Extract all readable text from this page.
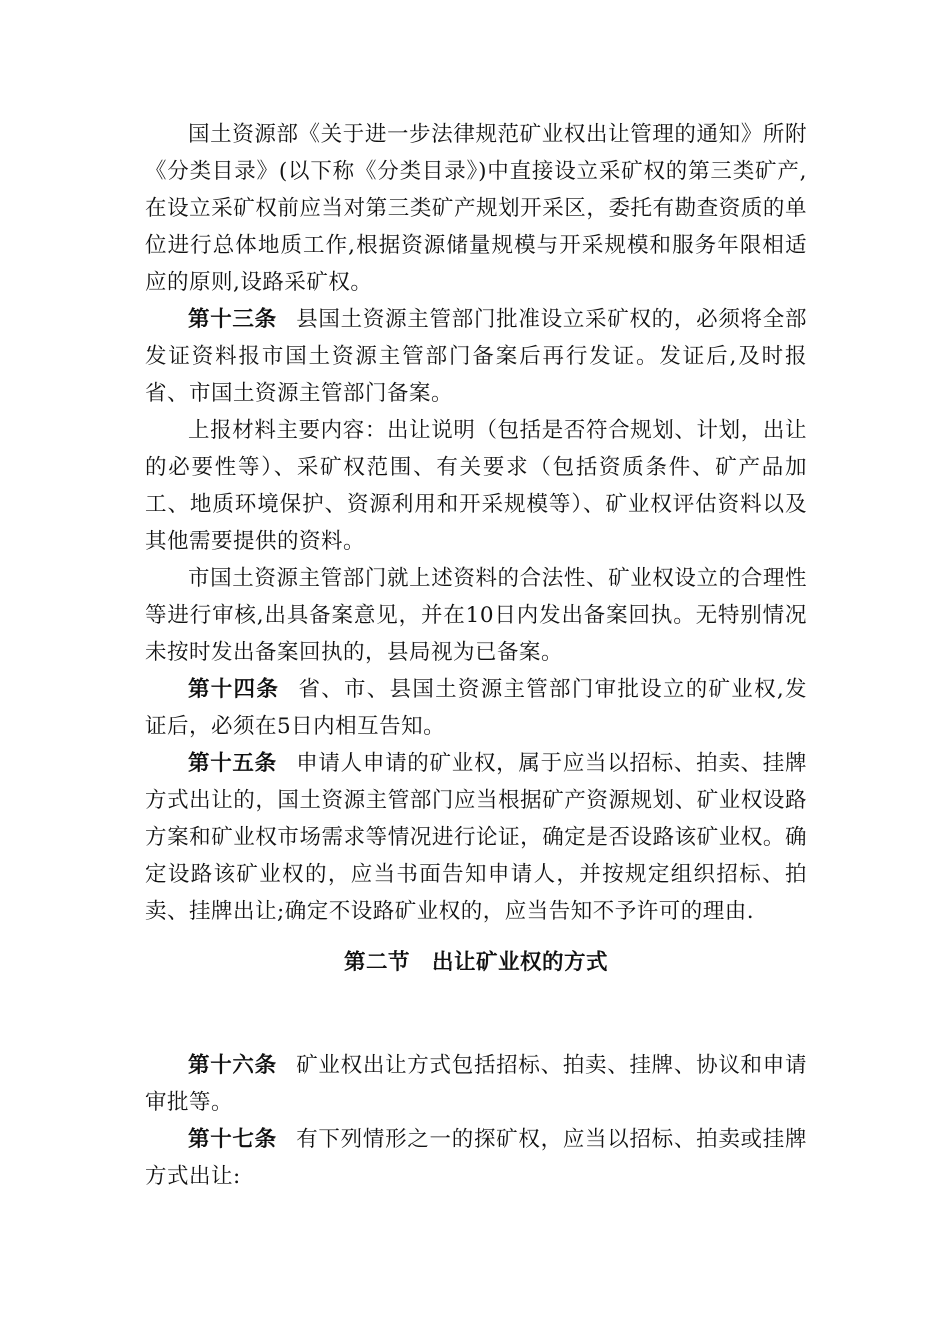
国土资源部《关于进一步法律规范矿业权出让管理的通知》所附《分类目录》(以下称《分类目录》)中直接设立采矿权的第三类矿产,在设立采矿权前应当对第三类矿产规划开采区，委托有勘查资质的单位进行总体地质工作,根据资源储量规模与开采规模和服务年限相适应的原则,设路采矿权。

第十三条 县国土资源主管部门批准设立采矿权的，必须将全部发证资料报市国土资源主管部门备案后再行发证。发证后,及时报省、市国土资源主管部门备案。

上报材料主要内容：出让说明（包括是否符合规划、计划，出让的必要性等）、采矿权范围、有关要求（包括资质条件、矿产品加工、地质环境保护、资源利用和开采规模等）、矿业权评估资料以及其他需要提供的资料。

市国土资源主管部门就上述资料的合法性、矿业权设立的合理性等进行审核,出具备案意见，并在10日内发出备案回执。无特别情况未按时发出备案回执的，县局视为已备案。

第十四条 省、市、县国土资源主管部门审批设立的矿业权,发证后，必须在5日内相互告知。

第十五条 申请人申请的矿业权，属于应当以招标、拍卖、挂牌方式出让的，国土资源主管部门应当根据矿产资源规划、矿业权设路方案和矿业权市场需求等情况进行论证，确定是否设路该矿业权。确定设路该矿业权的，应当书面告知申请人，并按规定组织招标、拍卖、挂牌出让;确定不设路矿业权的，应当告知不予许可的理由.

第二节　出让矿业权的方式

第十六条 矿业权出让方式包括招标、拍卖、挂牌、协议和申请审批等。

第十七条 有下列情形之一的探矿权，应当以招标、拍卖或挂牌方式出让:
